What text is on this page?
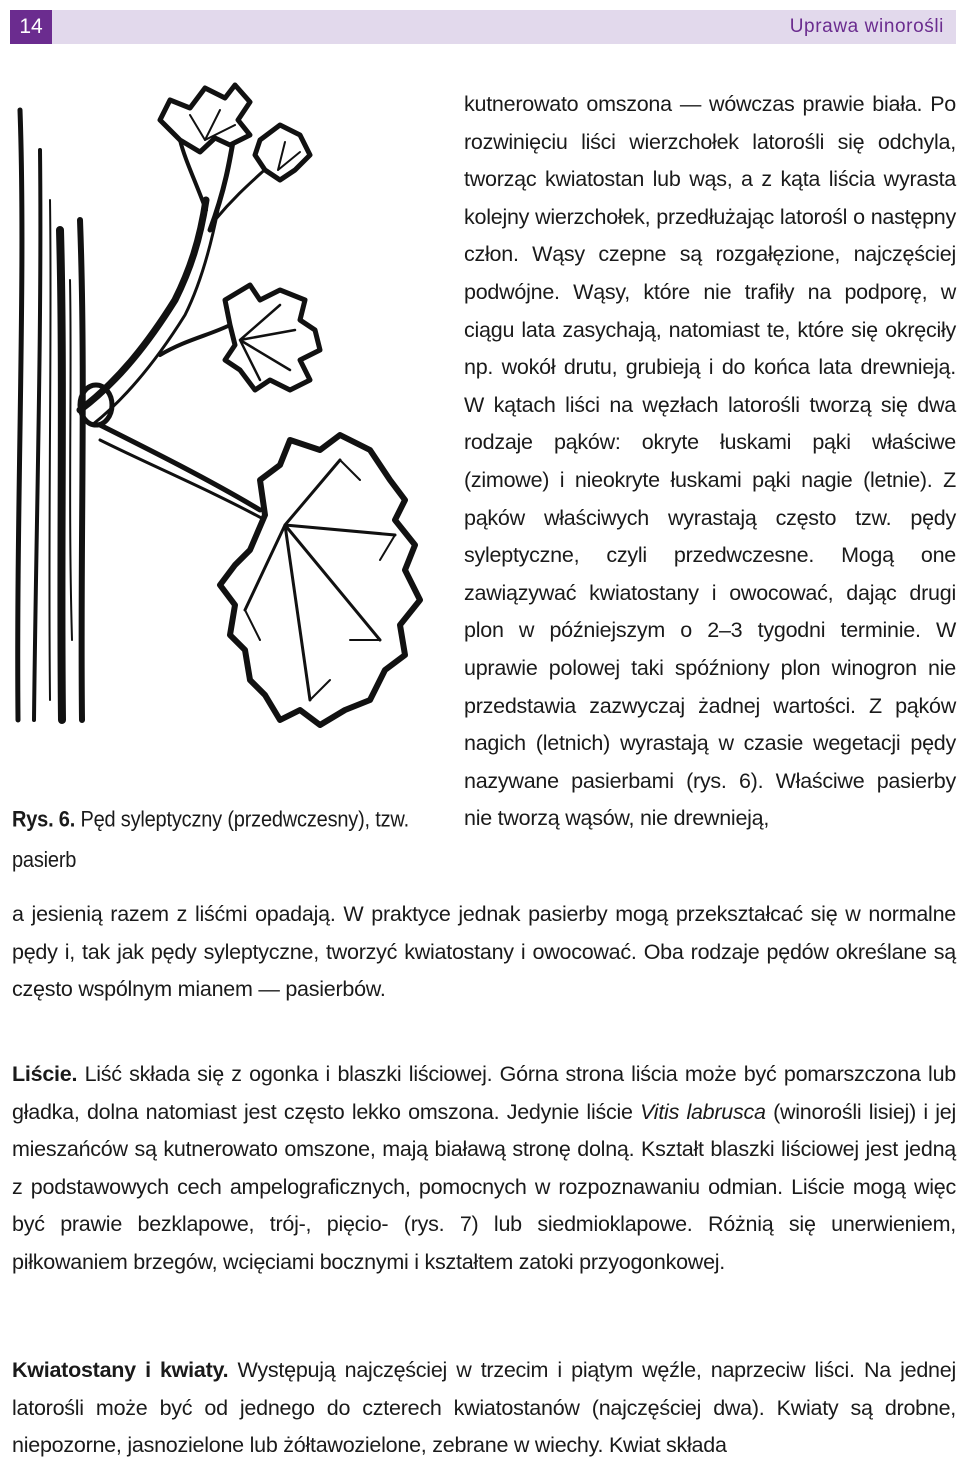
14	Uprawa winorośli
Rys. 6. Pęd syleptyczny (przedwczesny), tzw. pasierb

kutnerowato omszona — wówczas prawie biała. Po rozwinięciu liści wierzchołek latorośli się odchyla, tworząc kwiatostan lub wąs, a z kąta liścia wyrasta kolejny wierzchołek, przedłużając latorośl o następny człon. Wąsy czepne są rozgałęzione, najczęściej podwójne. Wąsy, które nie trafiły na podporę, w ciągu lata zasychają, natomiast te, które się okręciły np. wokół drutu, grubieją i do końca lata drewnieją. W kątach liści na węzłach latorośli tworzą się dwa rodzaje pąków: okryte łuskami pąki właściwe (zimowe) i nieokryte łuskami pąki nagie (letnie). Z pąków właściwych wyrastają często tzw. pędy syleptyczne, czyli przedwczesne. Mogą one zawiązywać kwiatostany i owocować, dając drugi plon w późniejszym o 2–3 tygodni terminie. W uprawie polowej taki spóźniony plon winogron nie przedstawia zazwyczaj żadnej wartości. Z pąków nagich (letnich) wyrastają w czasie wegetacji pędy nazywane pasierbami (rys. 6). Właściwe pasierby nie tworzą wąsów, nie drewnieją,

a jesienią razem z liśćmi opadają. W praktyce jednak pasierby mogą przekształcać się w normalne pędy i, tak jak pędy syleptyczne, tworzyć kwiatostany i owocować. Oba rodzaje pędów określane są często wspólnym mianem — pasierbów.

Liście. Liść składa się z ogonka i blaszki liściowej. Górna strona liścia może być pomarszczona lub gładka, dolna natomiast jest często lekko omszona. Jedynie liście Vitis labrusca (winorośli lisiej) i jej mieszańców są kutnerowato omszone, mają białawą stronę dolną. Kształt blaszki liściowej jest jedną z podstawowych cech ampelograficznych, pomocnych w rozpoznawaniu odmian. Liście mogą więc być prawie bezklapowe, trój-, pięcio- (rys. 7) lub siedmioklapowe. Różnią się unerwieniem, piłkowaniem brzegów, wcięciami bocznymi i kształtem zatoki przyogonkowej.

Kwiatostany i kwiaty. Występują najczęściej w trzecim i piątym węźle, naprzeciw liści. Na jednej latorośli może być od jednego do czterech kwiatostanów (najczęściej dwa). Kwiaty są drobne, niepozorne, jasnozielone lub żółtawozielone, zebrane w wiechy. Kwiat składa
